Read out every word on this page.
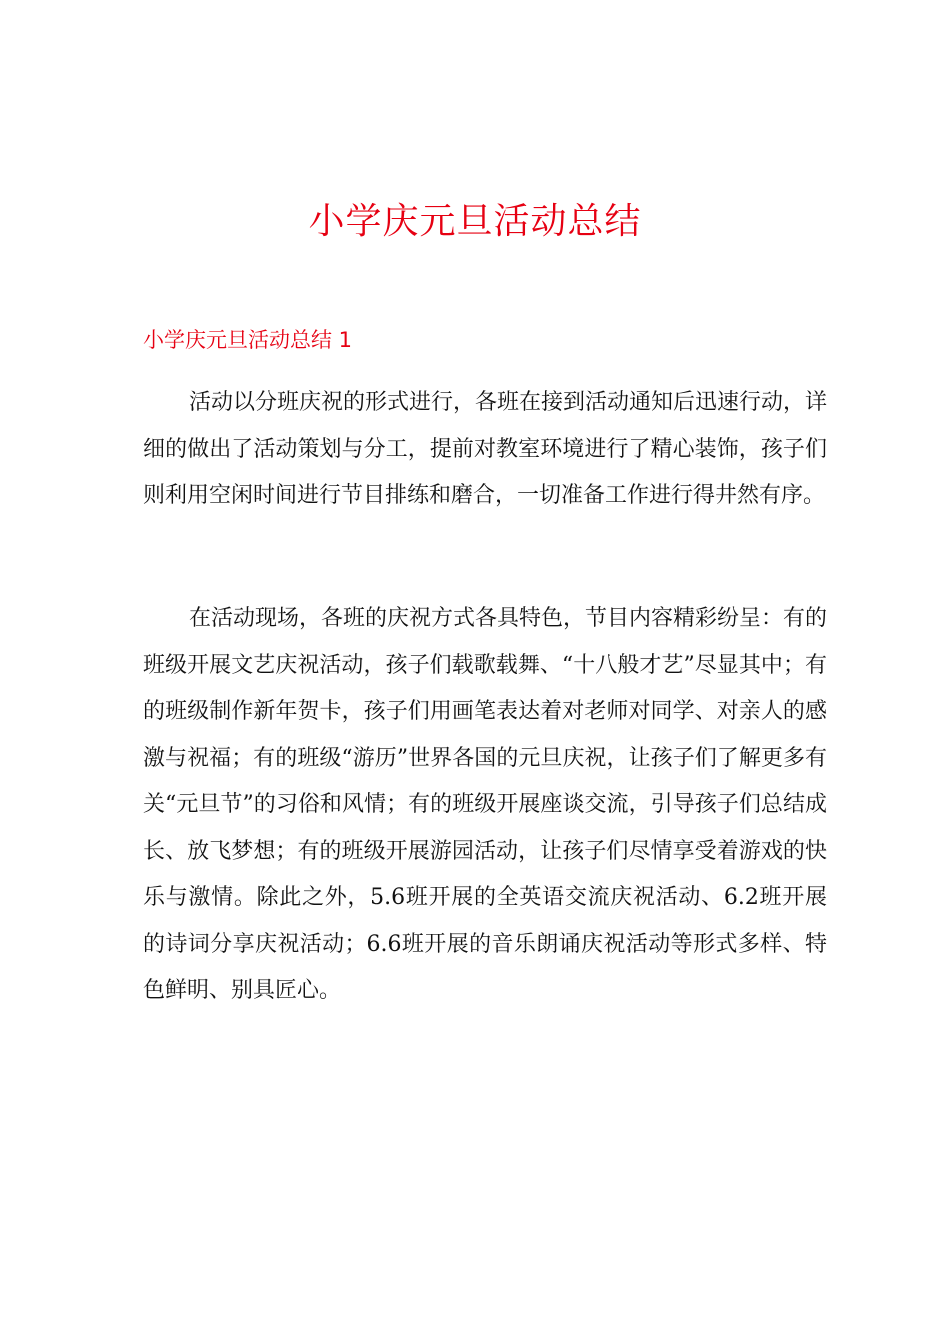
小学庆元旦活动总结
小学庆元旦活动总结 1

活动以分班庆祝的形式进行，各班在接到活动通知后迅速行动，详细的做出了活动策划与分工，提前对教室环境进行了精心装饰，孩子们则利用空闲时间进行节目排练和磨合，一切准备工作进行得井然有序。

在活动现场，各班的庆祝方式各具特色，节目内容精彩纷呈：有的班级开展文艺庆祝活动，孩子们载歌载舞、“十八般才艺”尽显其中；有的班级制作新年贺卡，孩子们用画笔表达着对老师对同学、对亲人的感激与祝福；有的班级“游历”世界各国的元旦庆祝，让孩子们了解更多有关“元旦节”的习俗和风情；有的班级开展座谈交流，引导孩子们总结成长、放飞梦想；有的班级开展游园活动，让孩子们尽情享受着游戏的快乐与激情。除此之外，5.6班开展的全英语交流庆祝活动、6.2班开展的诗词分享庆祝活动；6.6班开展的音乐朗诵庆祝活动等形式多样、特色鲜明、别具匠心。
